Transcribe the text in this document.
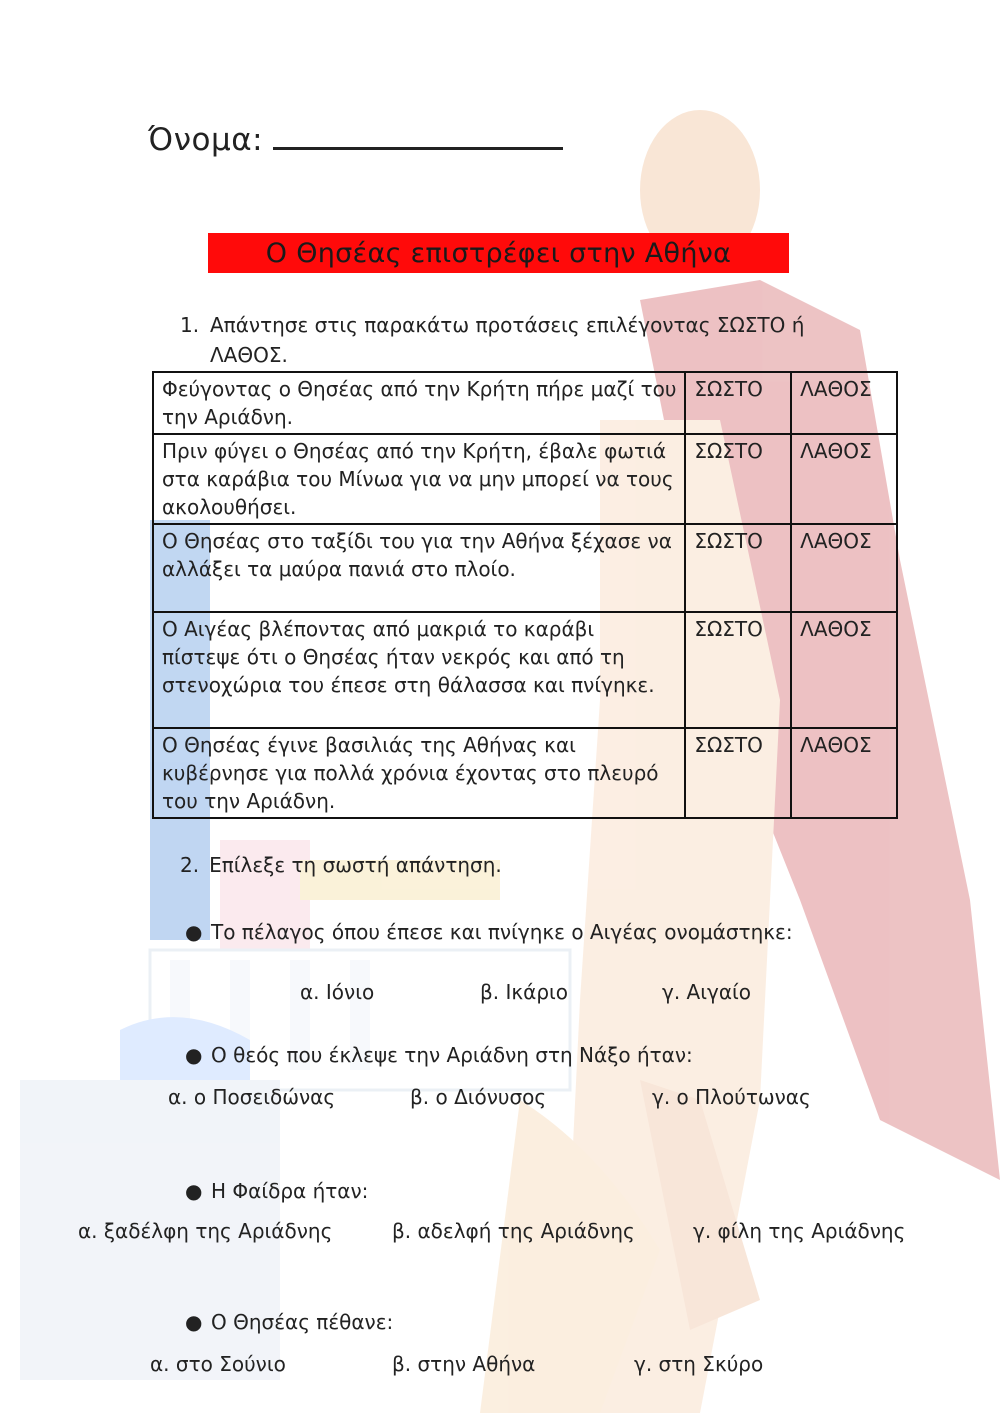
Όνομα:
Ο Θησέας επιστρέφει στην Αθήνα
1. Απάντησε στις παρακάτω προτάσεις επιλέγοντας ΣΩΣΤΟ ή ΛΑΘΟΣ.
Φεύγοντας ο Θησέας από την Κρήτη πήρε μαζί του την Αριάδνη.	ΣΩΣΤΟ	ΛΑΘΟΣ

Πριν φύγει ο Θησέας από την Κρήτη, έβαλε φωτιά στα καράβια του Μίνωα για να μην μπορεί να τους ακολουθήσει.	ΣΩΣΤΟ	ΛΑΘΟΣ

Ο Θησέας στο ταξίδι του για την Αθήνα ξέχασε να αλλάξει τα μαύρα πανιά στο πλοίο.	ΣΩΣΤΟ	ΛΑΘΟΣ

Ο Αιγέας βλέποντας από μακριά το καράβι πίστεψε ότι ο Θησέας ήταν νεκρός και από τη στενοχώρια του έπεσε στη θάλασσα και πνίγηκε.	ΣΩΣΤΟ	ΛΑΘΟΣ

Ο Θησέας έγινε βασιλιάς της Αθήνας και κυβέρνησε για πολλά χρόνια έχοντας στο πλευρό του την Αριάδνη.	ΣΩΣΤΟ	ΛΑΘΟΣ
2. Επίλεξε τη σωστή απάντηση.
● Το πέλαγος όπου έπεσε και πνίγηκε ο Αιγέας ονομάστηκε:
α. Ιόνιο	β. Ικάριο	γ. Αιγαίο
● Ο θεός που έκλεψε την Αριάδνη στη Νάξο ήταν:
α. ο Ποσειδώνας	β. ο Διόνυσος	γ. ο Πλούτωνας
● Η Φαίδρα ήταν:
α. ξαδέλφη της Αριάδνης	β. αδελφή της Αριάδνης	γ. φίλη της Αριάδνης
● Ο Θησέας πέθανε:
α. στο Σούνιο	β. στην Αθήνα	γ. στη Σκύρο
